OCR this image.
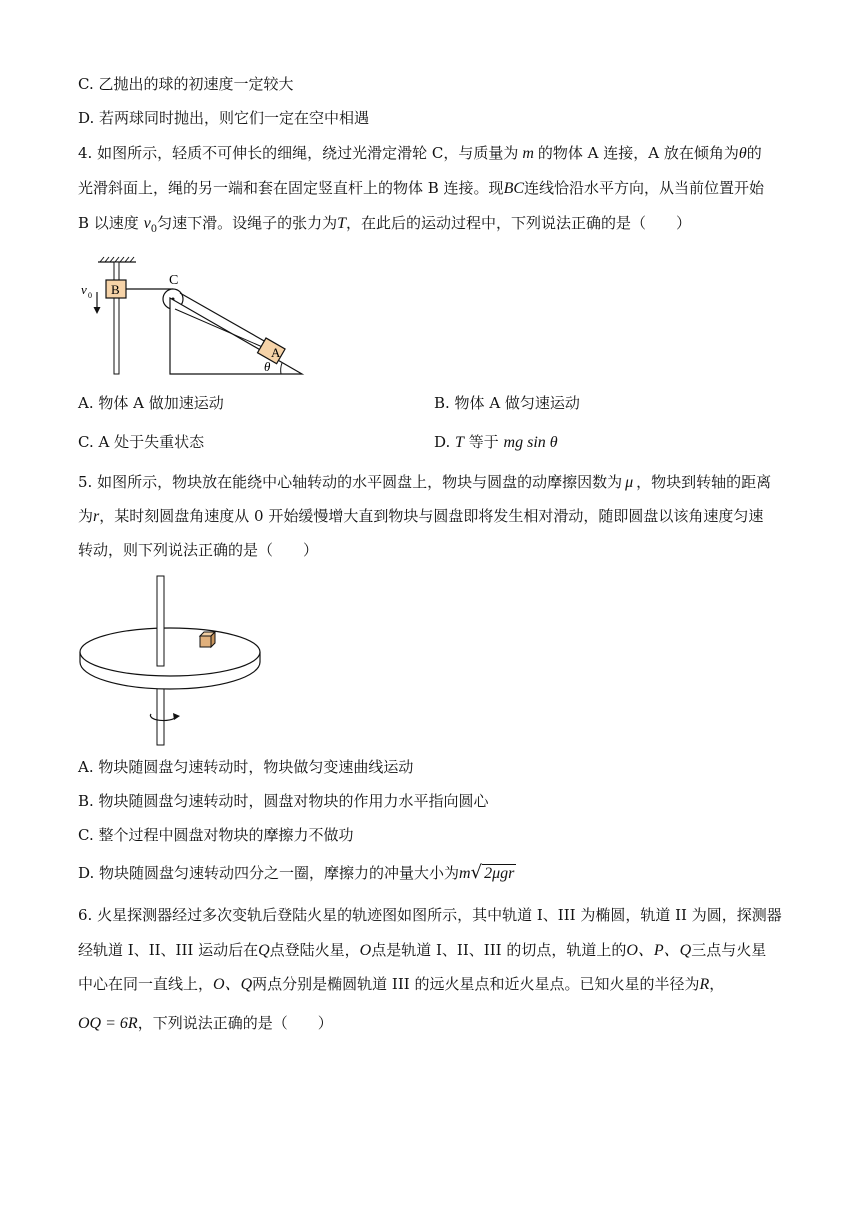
C. 乙抛出的球的初速度一定较大
D. 若两球同时抛出，则它们一定在空中相遇
4. 如图所示，轻质不可伸长的细绳，绕过光滑定滑轮 C，与质量为 m 的物体 A 连接，A 放在倾角为θ的
光滑斜面上，绳的另一端和套在固定竖直杆上的物体 B 连接。现BC连线恰沿水平方向，从当前位置开始
B 以速度 $v_0$匀速下滑。设绳子的张力为T，在此后的运动过程中，下列说法正确的是（　　）
B
v 0
C
A
θ
A. 物体 A 做加速运动	B. 物体 A 做匀速运动
C. A 处于失重状态	D. T 等于 mg sin θ
5. 如图所示，物块放在能绕中心轴转动的水平圆盘上，物块与圆盘的动摩擦因数为 μ ，物块到转轴的距离
为r，某时刻圆盘角速度从 0 开始缓慢增大直到物块与圆盘即将发生相对滑动，随即圆盘以该角速度匀速
转动，则下列说法正确的是（　　）
A. 物块随圆盘匀速转动时，物块做匀变速曲线运动
B. 物块随圆盘匀速转动时，圆盘对物块的作用力水平指向圆心
C. 整个过程中圆盘对物块的摩擦力不做功
D. 物块随圆盘匀速转动四分之一圈，摩擦力的冲量大小为m√ 2μgr
6. 火星探测器经过多次变轨后登陆火星的轨迹图如图所示，其中轨道 I、III 为椭圆，轨道 II 为圆，探测器
经轨道 I、II、III 运动后在Q点登陆火星，O点是轨道 I、II、III 的切点，轨道上的O、P、Q三点与火星
中心在同一直线上，O、Q两点分别是椭圆轨道 III 的远火星点和近火星点。已知火星的半径为R，
OQ = 6R，下列说法正确的是（　　）
